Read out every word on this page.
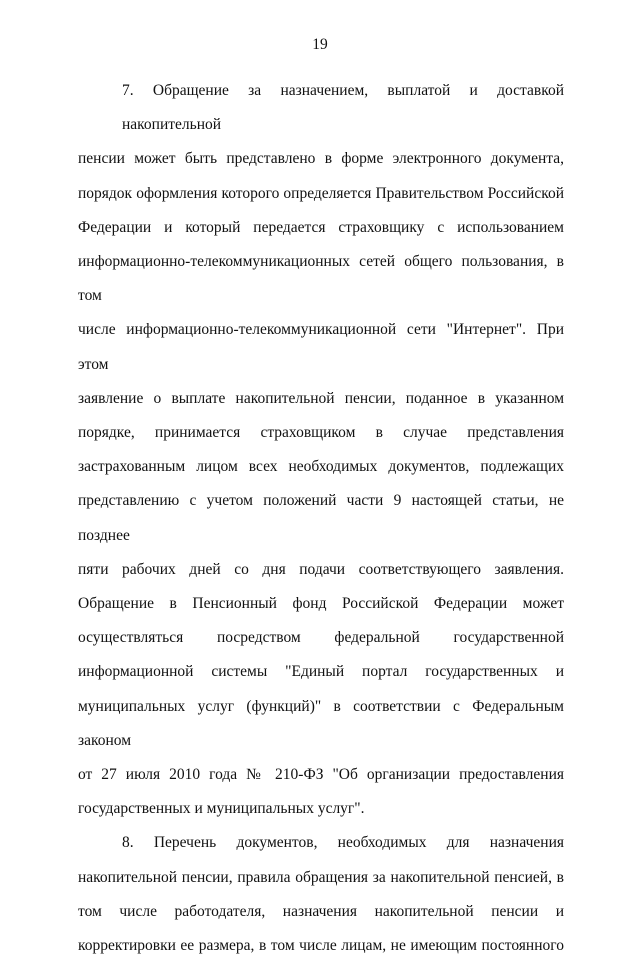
19
7. Обращение за назначением, выплатой и доставкой накопительной
пенсии может быть представлено в форме электронного документа,
порядок оформления которого определяется Правительством Российской
Федерации и который передается страховщику с использованием
информационно-телекоммуникационных сетей общего пользования, в том
числе информационно-телекоммуникационной сети "Интернет". При этом
заявление о выплате накопительной пенсии, поданное в указанном
порядке, принимается страховщиком в случае представления
застрахованным лицом всех необходимых документов, подлежащих
представлению с учетом положений части 9 настоящей статьи, не позднее
пяти рабочих дней со дня подачи соответствующего заявления.
Обращение в Пенсионный фонд Российской Федерации может
осуществляться посредством федеральной государственной
информационной системы "Единый портал государственных и
муниципальных услуг (функций)" в соответствии с Федеральным законом
от 27 июля 2010 года № 210-ФЗ "Об организации предоставления
государственных и муниципальных услуг".
8. Перечень документов, необходимых для назначения
накопительной пенсии, правила обращения за накопительной пенсией, в
том числе работодателя, назначения накопительной пенсии и
корректировки ее размера, в том числе лицам, не имеющим постоянного
